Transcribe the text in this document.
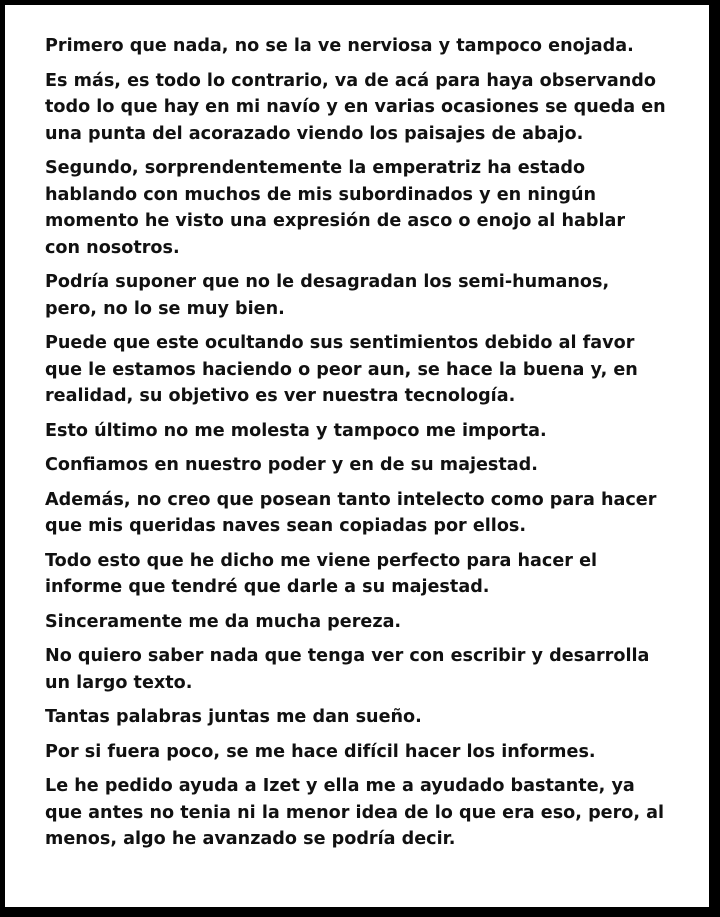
Primero que nada, no se la ve nerviosa y tampoco enojada.

Es más, es todo lo contrario, va de acá para haya observando
todo lo que hay en mi navío y en varias ocasiones se queda en
una punta del acorazado viendo los paisajes de abajo.

Segundo, sorprendentemente la emperatriz ha estado
hablando con muchos de mis subordinados y en ningún
momento he visto una expresión de asco o enojo al hablar
con nosotros.

Podría suponer que no le desagradan los semi-humanos,
pero, no lo se muy bien.

Puede que este ocultando sus sentimientos debido al favor
que le estamos haciendo o peor aun, se hace la buena y, en
realidad, su objetivo es ver nuestra tecnología.

Esto último no me molesta y tampoco me importa.

Confiamos en nuestro poder y en de su majestad.

Además, no creo que posean tanto intelecto como para hacer
que mis queridas naves sean copiadas por ellos.

Todo esto que he dicho me viene perfecto para hacer el
informe que tendré que darle a su majestad.

Sinceramente me da mucha pereza.

No quiero saber nada que tenga ver con escribir y desarrolla
un largo texto.

Tantas palabras juntas me dan sueño.

Por si fuera poco, se me hace difícil hacer los informes.

Le he pedido ayuda a Izet y ella me a ayudado bastante, ya
que antes no tenia ni la menor idea de lo que era eso, pero, al
menos, algo he avanzado se podría decir.
